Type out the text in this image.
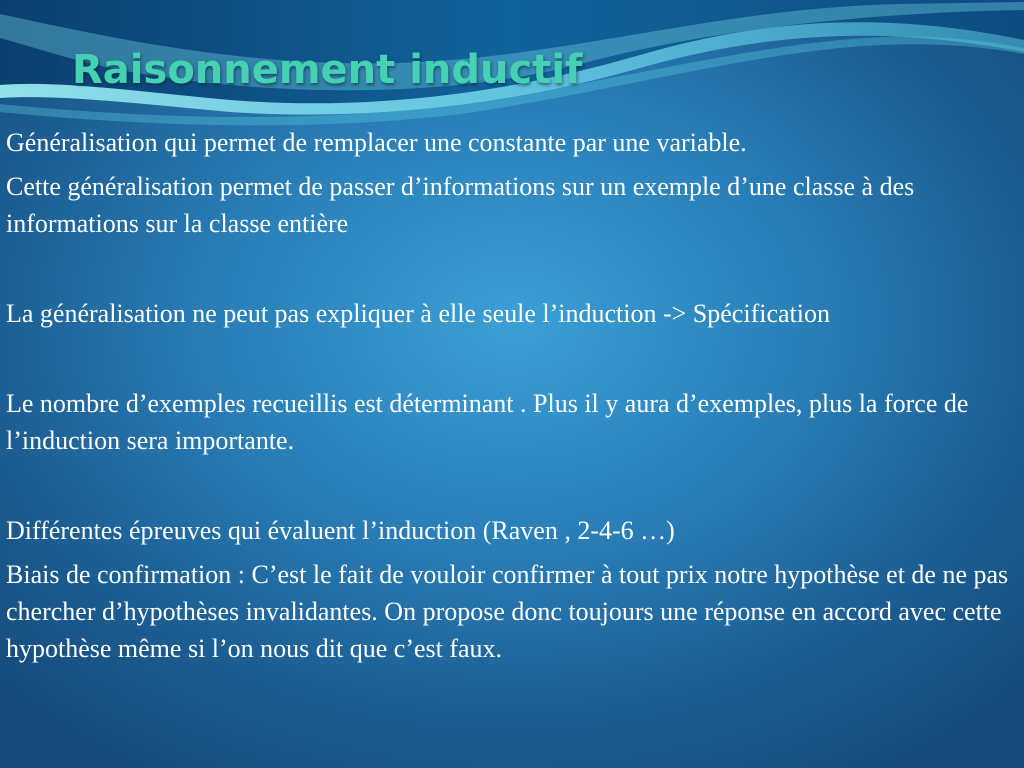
Raisonnement inductif

Généralisation qui permet de remplacer une constante par une variable.

Cette généralisation permet de passer d’informations sur un exemple d’une classe à des informations sur la classe entière

La généralisation ne peut pas expliquer à elle seule l’induction -> Spécification

Le nombre d’exemples recueillis est déterminant . Plus il y aura d’exemples, plus la force de l’induction sera importante.

Différentes épreuves qui évaluent l’induction (Raven , 2-4-6 …)

Biais de confirmation : C’est le fait de vouloir confirmer à tout prix notre hypothèse et de ne pas chercher d’hypothèses invalidantes. On propose donc toujours une réponse en accord avec cette hypothèse même si l’on nous dit que c’est faux.
